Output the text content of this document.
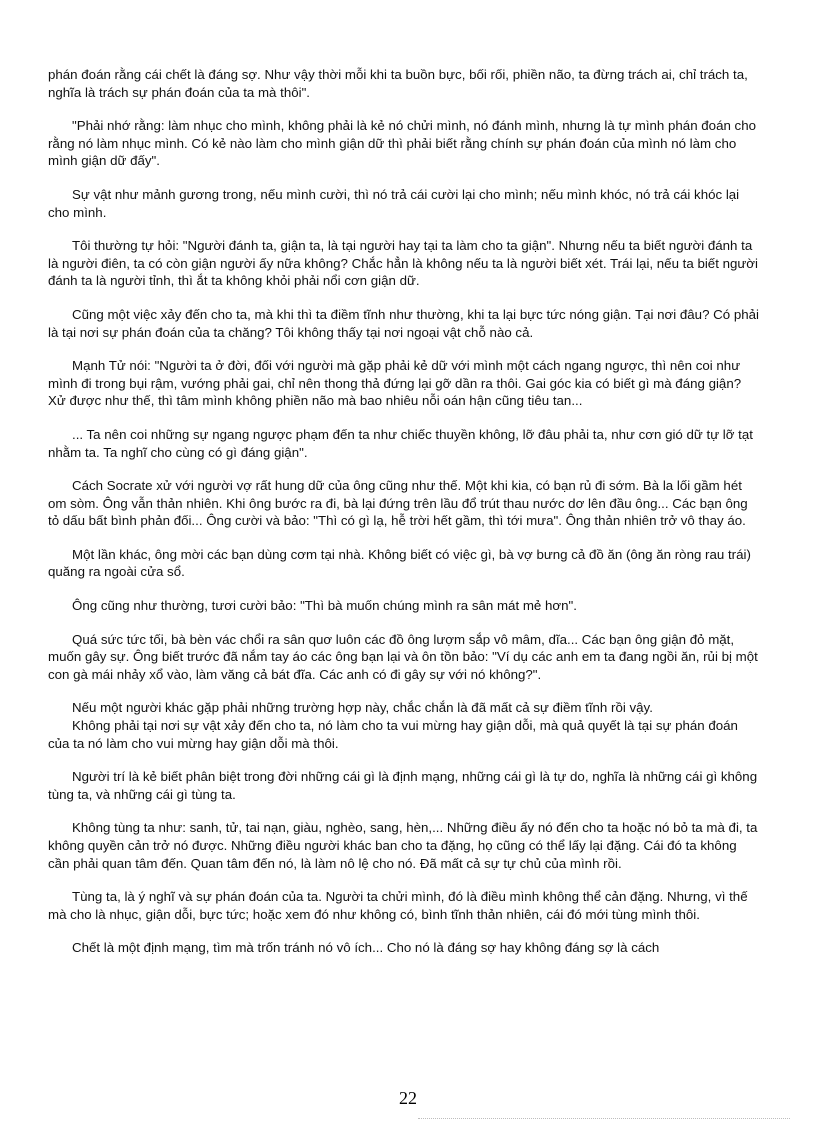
phán đoán rằng cái chết là đáng sợ. Như vậy thời mỗi khi ta buồn bực, bối rối, phiền não, ta đừng trách ai, chỉ trách ta, nghĩa là trách sự phán đoán của ta mà thôi".

"Phải nhớ rằng: làm nhục cho mình, không phải là kẻ nó chửi mình, nó đánh mình, nhưng là tự mình phán đoán cho rằng nó làm nhục mình. Có kẻ nào làm cho mình giận dữ thì phải biết rằng chính sự phán đoán của mình nó làm cho mình giận dữ đấy".

Sự vật như mảnh gương trong, nếu mình cười, thì nó trả cái cười lại cho mình; nếu mình khóc, nó trả cái khóc lại cho mình.

Tôi thường tự hỏi: "Người đánh ta, giận ta, là tại người hay tại ta làm cho ta giận". Nhưng nếu ta biết người đánh ta là người điên, ta có còn giận người ấy nữa không? Chắc hẳn là không nếu ta là người biết xét. Trái lại, nếu ta biết người đánh ta là người tỉnh, thì ắt ta không khỏi phải nổi cơn giận dữ.

Cũng một việc xảy đến cho ta, mà khi thì ta điềm tĩnh như thường, khi ta lại bực tức nóng giận. Tại nơi đâu? Có phải là tại nơi sự phán đoán của ta chăng? Tôi không thấy tại nơi ngoại vật chỗ nào cả.

Mạnh Tử nói: "Người ta ở đời, đối với người mà gặp phải kẻ dữ với mình một cách ngang ngược, thì nên coi như mình đi trong bụi rậm, vướng phải gai, chỉ nên thong thả đứng lại gỡ dần ra thôi. Gai góc kia có biết gì mà đáng giận? Xử được như thế, thì tâm mình không phiền não mà bao nhiêu nỗi oán hận cũng tiêu tan...

... Ta nên coi những sự ngang ngược phạm đến ta như chiếc thuyền không, lỡ đâu phải ta, như cơn gió dữ tự lỡ tạt nhằm ta. Ta nghĩ cho cùng có gì đáng giận".

Cách Socrate xử với người vợ rất hung dữ của ông cũng như thế. Một khi kia, có bạn rủ đi sớm. Bà la lối gầm hét om sòm. Ông vẫn thản nhiên. Khi ông bước ra đi, bà lại đứng trên lầu đổ trút thau nước dơ lên đầu ông... Các bạn ông tỏ dấu bất bình phản đối... Ông cười và bảo: "Thì có gì lạ, hễ trời hết gầm, thì tới mưa". Ông thản nhiên trở vô thay áo.

Một lần khác, ông mời các bạn dùng cơm tại nhà. Không biết có việc gì, bà vợ bưng cả đồ ăn (ông ăn ròng rau trái) quăng ra ngoài cửa sổ.

Ông cũng như thường, tươi cười bảo: "Thì bà muốn chúng mình ra sân mát mẻ hơn".

Quá sức tức tối, bà bèn vác chổi ra sân quơ luôn các đồ ông lượm sắp vô mâm, dĩa... Các bạn ông giận đỏ mặt, muốn gây sự. Ông biết trước đã nắm tay áo các ông bạn lại và ôn tồn bảo: "Ví dụ các anh em ta đang ngồi ăn, rủi bị một con gà mái nhảy xổ vào, làm văng cả bát đĩa. Các anh có đi gây sự với nó không?".

Nếu một người khác gặp phải những trường hợp này, chắc chắn là đã mất cả sự điềm tĩnh rồi vậy.

Không phải tại nơi sự vật xảy đến cho ta, nó làm cho ta vui mừng hay giận dỗi, mà quả quyết là tại sự phán đoán của ta nó làm cho vui mừng hay giận dỗi mà thôi.

Người trí là kẻ biết phân biệt trong đời những cái gì là định mạng, những cái gì là tự do, nghĩa là những cái gì không tùng ta, và những cái gì tùng ta.

Không tùng ta như: sanh, tử, tai nạn, giàu, nghèo, sang, hèn,... Những điều ấy nó đến cho ta hoặc nó bỏ ta mà đi, ta không quyền cản trở nó được. Những điều người khác ban cho ta đặng, họ cũng có thể lấy lại đặng. Cái đó ta không cần phải quan tâm đến. Quan tâm đến nó, là làm nô lệ cho nó. Đã mất cả sự tự chủ của mình rồi.

Tùng ta, là ý nghĩ và sự phán đoán của ta. Người ta chửi mình, đó là điều mình không thể cản đặng. Nhưng, vì thế mà cho là nhục, giận dỗi, bực tức; hoặc xem đó như không có, bình tĩnh thản nhiên, cái đó mới tùng mình thôi.

Chết là một định mạng, tìm mà trốn tránh nó vô ích... Cho nó là đáng sợ hay không đáng sợ là cách

22
